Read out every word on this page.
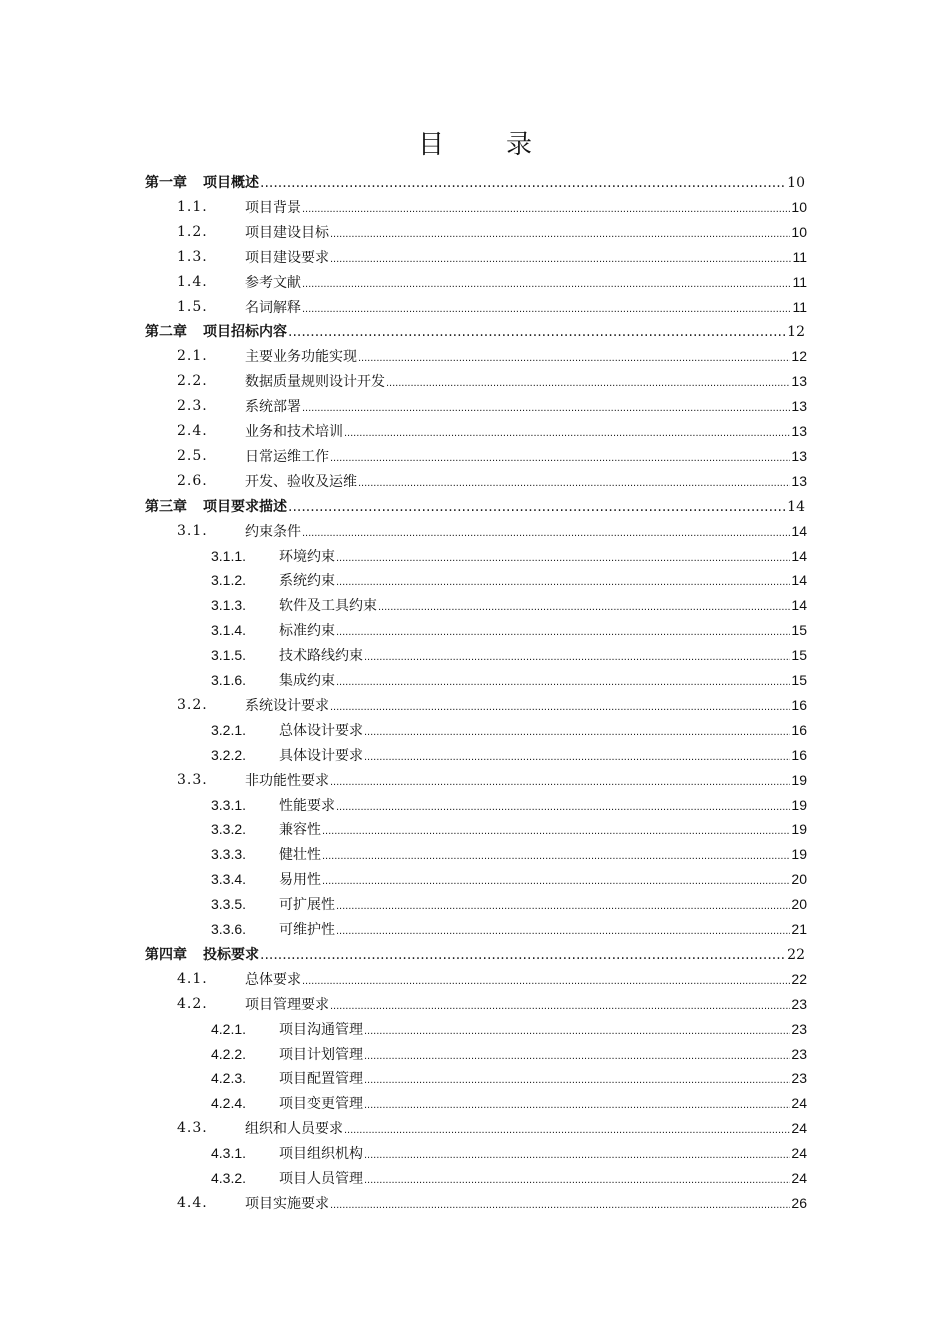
目 录
第一章 项目概述 .....	10
1.1.	项目背景 .....	10
1.2.	项目建设目标 .....	10
1.3.	项目建设要求 .....	11
1.4.	参考文献 .....	11
1.5.	名词解释 .....	11
第二章 项目招标内容 .....	12
2.1.	主要业务功能实现 .....	12
2.2.	数据质量规则设计开发 .....	13
2.3.	系统部署 .....	13
2.4.	业务和技术培训 .....	13
2.5.	日常运维工作 .....	13
2.6.	开发、验收及运维 .....	13
第三章 项目要求描述 .....	14
3.1.	约束条件 .....	14
3.1.1. 环境约束 .....	14
3.1.2. 系统约束 .....	14
3.1.3. 软件及工具约束 .....	14
3.1.4. 标准约束 .....	15
3.1.5. 技术路线约束 .....	15
3.1.6. 集成约束 .....	15
3.2.	系统设计要求 .....	16
3.2.1. 总体设计要求 .....	16
3.2.2. 具体设计要求 .....	16
3.3.	非功能性要求 .....	19
3.3.1. 性能要求 .....	19
3.3.2. 兼容性 .....	19
3.3.3. 健壮性 .....	19
3.3.4. 易用性 .....	20
3.3.5. 可扩展性 .....	20
3.3.6. 可维护性 .....	21
第四章 投标要求 .....	22
4.1.	总体要求 .....	22
4.2.	项目管理要求 .....	23
4.2.1. 项目沟通管理 .....	23
4.2.2. 项目计划管理 .....	23
4.2.3. 项目配置管理 .....	23
4.2.4. 项目变更管理 .....	24
4.3.	组织和人员要求 .....	24
4.3.1. 项目组织机构 .....	24
4.3.2. 项目人员管理 .....	24
4.4.	项目实施要求 .....	26
